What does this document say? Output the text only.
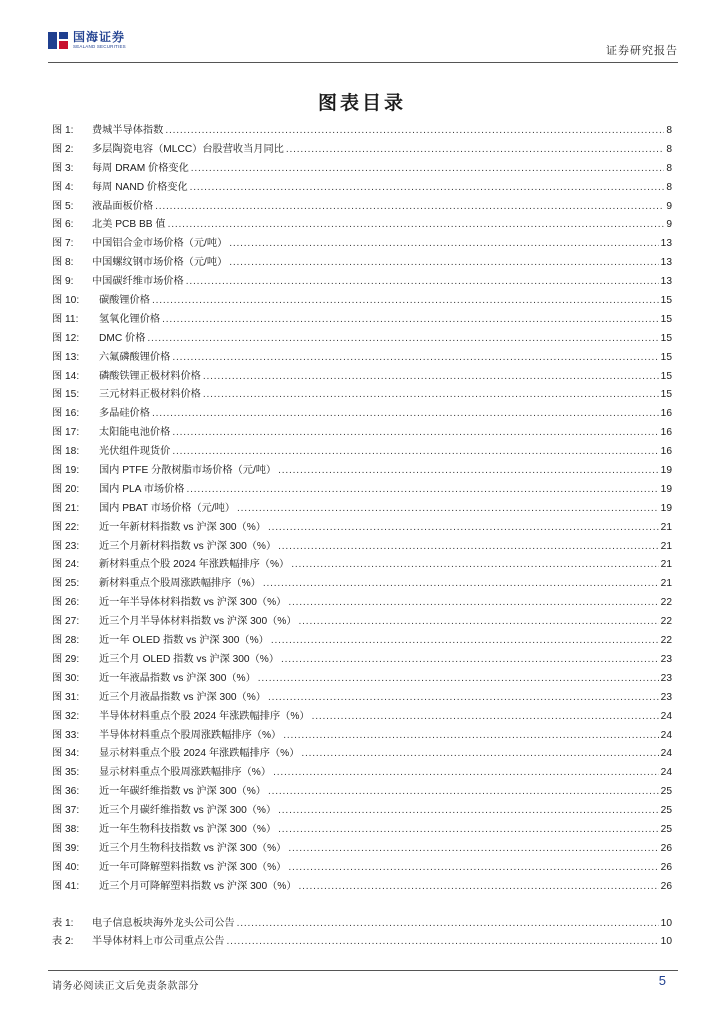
国海证券
SEALAND SECURITIES	证券研究报告
图表目录
图 1:	费城半导体指数 .....	8
图 2:	多层陶瓷电容（MLCC）台股营收当月同比 .....	8
图 3:	每周 DRAM 价格变化 .....	8
图 4:	每周 NAND 价格变化 .....	8
图 5:	液晶面板价格 .....	9
图 6:	北美 PCB BB 值 .....	9
图 7:	中国铝合金市场价格（元/吨） .....	13
图 8:	中国螺纹钢市场价格（元/吨） .....	13
图 9:	中国碳纤维市场价格 .....	13
图 10:	碳酸锂价格 .....	15
图 11:	氢氧化锂价格 .....	15
图 12:	DMC 价格 .....	15
图 13:	六氟磷酸锂价格 .....	15
图 14:	磷酸铁锂正极材料价格 .....	15
图 15:	三元材料正极材料价格 .....	15
图 16:	多晶硅价格 .....	16
图 17:	太阳能电池价格 .....	16
图 18:	光伏组件现货价 .....	16
图 19:	国内 PTFE 分散树脂市场价格（元/吨） .....	19
图 20:	国内 PLA 市场价格 .....	19
图 21:	国内 PBAT 市场价格（元/吨） .....	19
图 22:	近一年新材料指数 vs 沪深 300（%） .....	21
图 23:	近三个月新材料指数 vs 沪深 300（%） .....	21
图 24:	新材料重点个股 2024 年涨跌幅排序（%） .....	21
图 25:	新材料重点个股周涨跌幅排序（%） .....	21
图 26:	近一年半导体材料指数 vs 沪深 300（%） .....	22
图 27:	近三个月半导体材料指数 vs 沪深 300（%） .....	22
图 28:	近一年 OLED 指数 vs 沪深 300（%） .....	22
图 29:	近三个月 OLED 指数 vs 沪深 300（%） .....	23
图 30:	近一年液晶指数 vs 沪深 300（%） .....	23
图 31:	近三个月液晶指数 vs 沪深 300（%） .....	23
图 32:	半导体材料重点个股 2024 年涨跌幅排序（%） .....	24
图 33:	半导体材料重点个股周涨跌幅排序（%） .....	24
图 34:	显示材料重点个股 2024 年涨跌幅排序（%） .....	24
图 35:	显示材料重点个股周涨跌幅排序（%） .....	24
图 36:	近一年碳纤维指数 vs 沪深 300（%） .....	25
图 37:	近三个月碳纤维指数 vs 沪深 300（%） .....	25
图 38:	近一年生物科技指数 vs 沪深 300（%） .....	25
图 39:	近三个月生物科技指数 vs 沪深 300（%） .....	26
图 40:	近一年可降解塑料指数 vs 沪深 300（%） .....	26
图 41:	近三个月可降解塑料指数 vs 沪深 300（%） .....	26
表 1:	电子信息板块海外龙头公司公告 .....	10
表 2:	半导体材料上市公司重点公告 .....	10
请务必阅读正文后免责条款部分	5
